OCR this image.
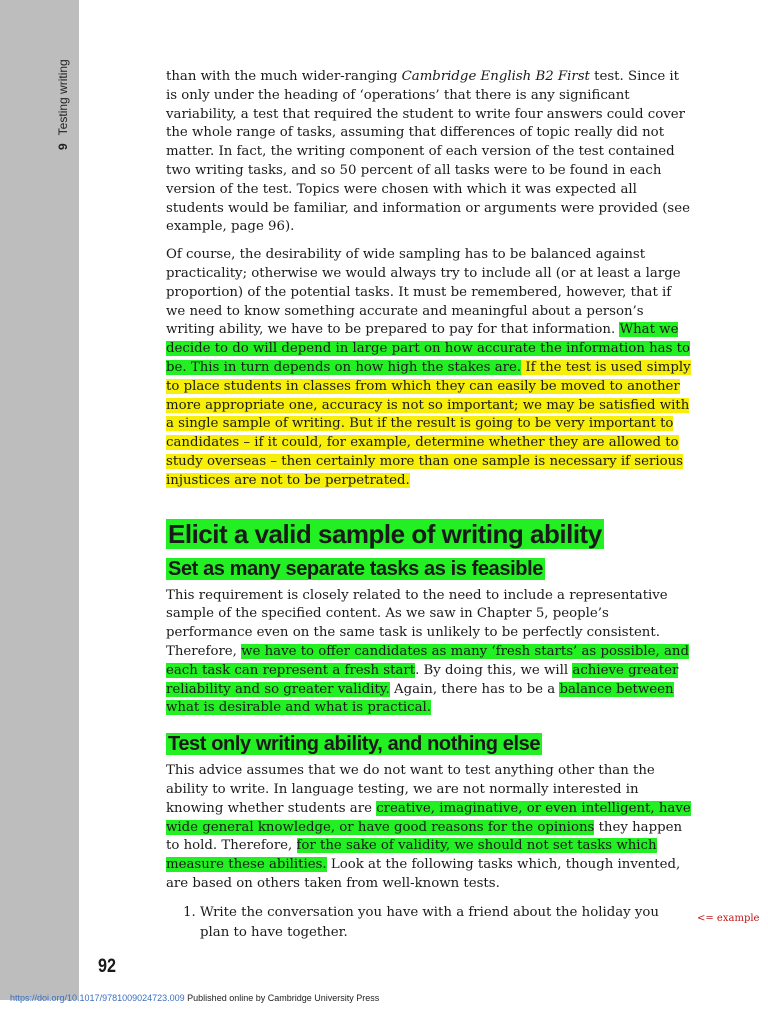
9
Testing writing	than with the much wider-ranging Cambridge English B2 First test. Since it is only under the heading of ‘operations’ that there is any significant variability, a test that required the student to write four answers could cover the whole range of tasks, assuming that differences of topic really did not matter. In fact, the writing component of each version of the test contained two writing tasks, and so 50 percent of all tasks were to be found in each version of the test. Topics were chosen with which it was expected all students would be familiar, and information or arguments were provided (see example, page 96).

Of course, the desirability of wide sampling has to be balanced against practicality; otherwise we would always try to include all (or at least a large proportion) of the potential tasks. It must be remembered, however, that if we need to know something accurate and meaningful about a person’s writing ability, we have to be prepared to pay for that information. What we decide to do will depend in large part on how accurate the information has to be. This in turn depends on how high the stakes are. If the test is used simply to place students in classes from which they can easily be moved to another more appropriate one, accuracy is not so important; we may be satisfied with a single sample of writing. But if the result is going to be very important to candidates – if it could, for example, determine whether they are allowed to study overseas – then certainly more than one sample is necessary if serious injustices are not to be perpetrated.

Elicit a valid sample of writing ability
Set as many separate tasks as is feasible

This requirement is closely related to the need to include a representative sample of the specified content. As we saw in Chapter 5, people’s performance even on the same task is unlikely to be perfectly consistent. Therefore, we have to offer candidates as many ‘fresh starts’ as possible, and each task can represent a fresh start. By doing this, we will achieve greater reliability and so greater validity. Again, there has to be a balance between what is desirable and what is practical.

Test only writing ability, and nothing else

This advice assumes that we do not want to test anything other than the ability to write. In language testing, we are not normally interested in knowing whether students are creative, imaginative, or even intelligent, have wide general knowledge, or have good reasons for the opinions they happen to hold. Therefore, for the sake of validity, we should not set tasks which measure these abilities. Look at the following tasks which, though invented, are based on others taken from well-known tests.

1. Write the conversation you have with a friend about the holiday you plan to have together.
<= example
92
https://doi.org/10.1017/9781009024723.009 Published online by Cambridge University Press
